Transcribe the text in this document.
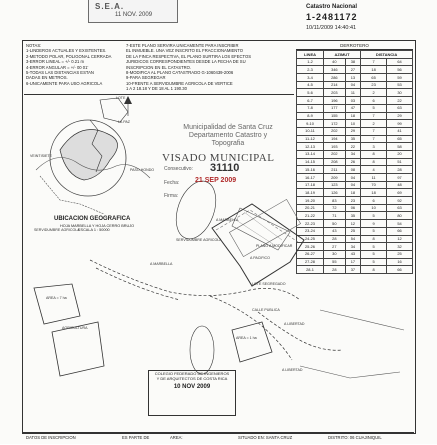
S.E.A.
11 NOV. 2009
Catastro Nacional
1-2481172
10/11/2009 14:40:41
NOTAS:
1-LINDEROS ACTUALES Y EXISTENTES.
2-METODO POLAR, POLIGONAL CERRADA
3-ERROR LINEAL = +/- 0.21 m
4-ERROR ANGULAR = +/- 00 01'
5-TODAS LAS DISTANCIAS ESTAN
DADAS EN METROS.
6-UNICAMENTE PARA USO AGRICOLA
7-ESTE PLANO SERVIRA UNICAMENTE PARA INSCRIBIR
EL INMUEBLE. UNA VEZ INSCRITO EL FRACCIONAMIENTO
DE LA FINCA RESPECTIVA, EL PLANO SURTIRA LOS EFECTOS
JURIDICOS CORRESPONDIENTES DESDE LA FECHA DE SU
INSCRIPCION EN EL CATASTRO.
8-MODIFICA AL PLANO CATASTRADO G-1060439-2006
9-PARA SEGREGAR
10-FRENTE A SERVIDUMBRE AGRICOLA DE VERTICE
1 A 2 18.18 Y DE 18 AL 1 190.30
DERROTERO
LINEA	AZIMUT		DISTANCIA	
1-2	40	38	7	64
2-3	346	27	18	56
3-4	286	13	65	59
4-5	214	04	23	53
5-6	203	11	2	30
6-7	196	03	6	22
7-8	177	47	5	63
8-9	155	18	7	29
9-10	172	10	2	99
10-11	202	29	7	41
11-12	194	35	7	65
12-13	193	22	3	58
13-14	202	34	8	20
14-15	208	26	8	51
15-16	211	08	4	28
16-17	209	04	11	97
17-18	123	04	70	48
18-19	126	18	18	69
19-20	83	23	6	92
20-21	72	06	10	63
21-22	71	35	5	80
22-23	50	12	9	54
23-24	43	25	5	66
24-25	28	54	8	12
25-26	27	34	5	32
26-27	30	43	5	25
27-28	55	17	5	16
28-1	28	37	8	66
Municipalidad de Santa Cruz
Departamento Catastro y
Topografia
VISADO MUNICIPAL
Consecutivo: 31110
Fecha: 21 SEP 2009
Firma:
UBICACION GEOGRAFICA
HOJA MARBELLA Y HOJA CERRO BRUJO
ESCALA 1 : 50000
VEINTISIETE
LA PAZ
PASO HONDO
LOTE
A MARBELLA
SERVIDUMBRE AGRICOLA
SERVIDUMBRE AGRICOLA
A LIBERTAD
A LIBERTAD
A PACIFICO
CALLE PUBLICA
AREA = 7 ha
AGRICULTURA
LOTE SEGREGADO
PLANO A MODIFICAR
AREA = 1 ha
A MARBELLA
COLEGIO FEDERADO DE INGENIEROS
Y DE ARQUITECTOS DE COSTA RICA
10 NOV 2009
DATOS DE INSCRIPCION	ES PARTE DE	AREA:	SITUADO EN: SANTA CRUZ	DISTRITO: 06 CUAJINIQUIL
